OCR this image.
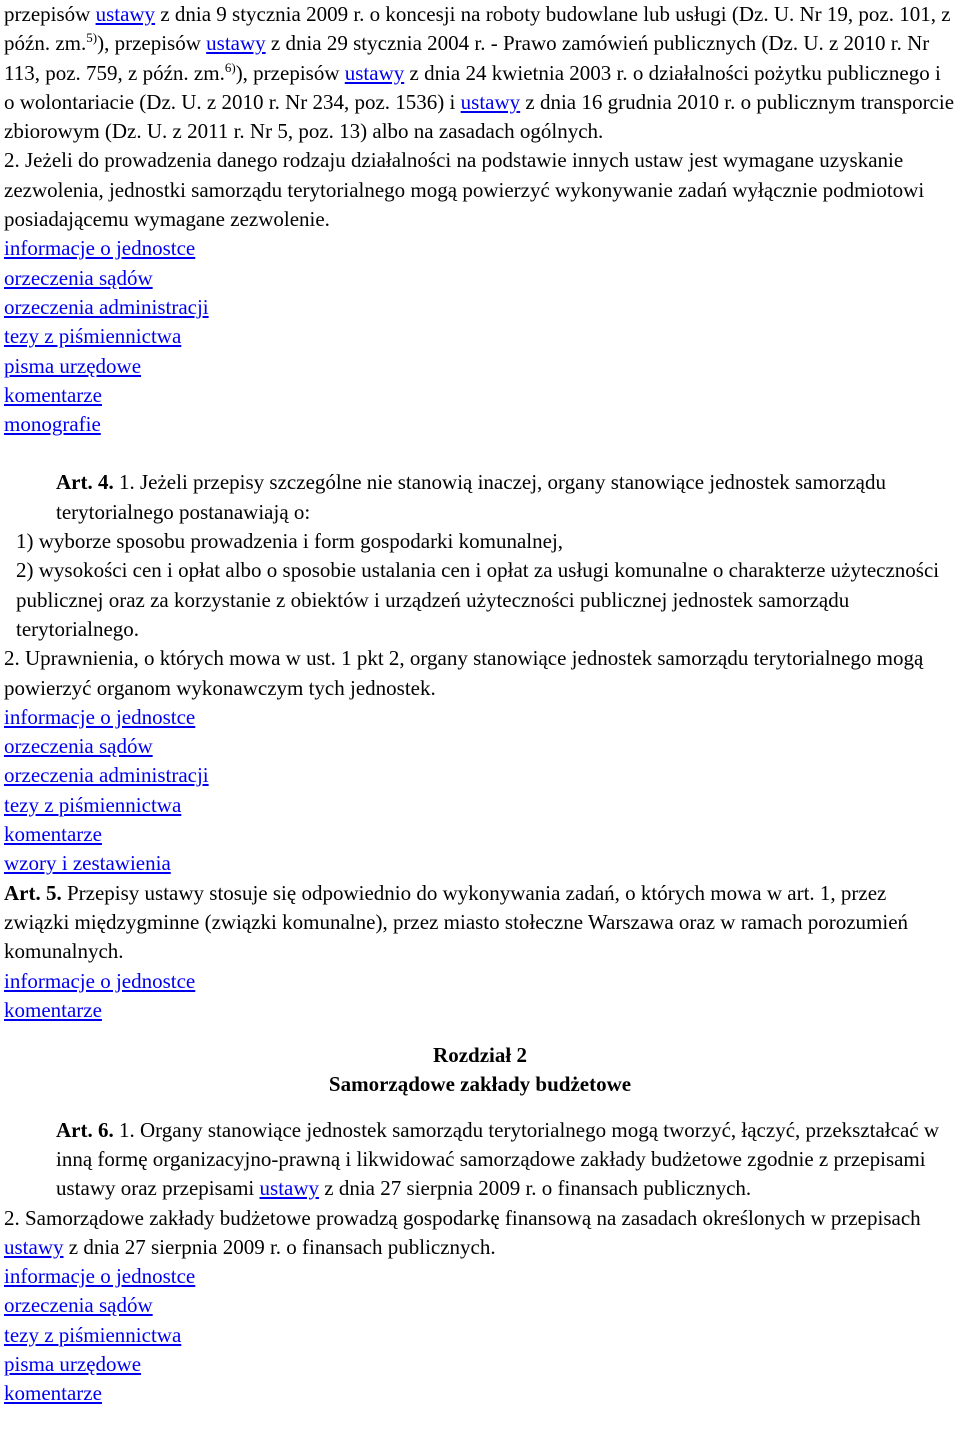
przepisów ustawy z dnia 9 stycznia 2009 r. o koncesji na roboty budowlane lub usługi (Dz. U. Nr 19, poz. 101, z późn. zm.$^{5)}$), przepisów ustawy z dnia 29 stycznia 2004 r. - Prawo zamówień publicznych (Dz. U. z 2010 r. Nr 113, poz. 759, z późn. zm.$^{6)}$), przepisów ustawy z dnia 24 kwietnia 2003 r. o działalności pożytku publicznego i o wolontariacie (Dz. U. z 2010 r. Nr 234, poz. 1536) i ustawy z dnia 16 grudnia 2010 r. o publicznym transporcie zbiorowym (Dz. U. z 2011 r. Nr 5, poz. 13) albo na zasadach ogólnych.

2. Jeżeli do prowadzenia danego rodzaju działalności na podstawie innych ustaw jest wymagane uzyskanie zezwolenia, jednostki samorządu terytorialnego mogą powierzyć wykonywanie zadań wyłącznie podmiotowi posiadającemu wymagane zezwolenie.

informacje o jednostce
orzeczenia sądów
orzeczenia administracji
tezy z piśmiennictwa
pisma urzędowe
komentarze
monografie

Art. 4. 1. Jeżeli przepisy szczególne nie stanowią inaczej, organy stanowiące jednostek samorządu terytorialnego postanawiają o:

1) wyborze sposobu prowadzenia i form gospodarki komunalnej,

2) wysokości cen i opłat albo o sposobie ustalania cen i opłat za usługi komunalne o charakterze użyteczności publicznej oraz za korzystanie z obiektów i urządzeń użyteczności publicznej jednostek samorządu terytorialnego.

2. Uprawnienia, o których mowa w ust. 1 pkt 2, organy stanowiące jednostek samorządu terytorialnego mogą powierzyć organom wykonawczym tych jednostek.

informacje o jednostce
orzeczenia sądów
orzeczenia administracji
tezy z piśmiennictwa
komentarze
wzory i zestawienia

Art. 5. Przepisy ustawy stosuje się odpowiednio do wykonywania zadań, o których mowa w art. 1, przez związki międzygminne (związki komunalne), przez miasto stołeczne Warszawa oraz w ramach porozumień komunalnych.

informacje o jednostce
komentarze

Rozdział 2

Samorządowe zakłady budżetowe

Art. 6. 1. Organy stanowiące jednostek samorządu terytorialnego mogą tworzyć, łączyć, przekształcać w inną formę organizacyjno-prawną i likwidować samorządowe zakłady budżetowe zgodnie z przepisami ustawy oraz przepisami ustawy z dnia 27 sierpnia 2009 r. o finansach publicznych.

2. Samorządowe zakłady budżetowe prowadzą gospodarkę finansową na zasadach określonych w przepisach ustawy z dnia 27 sierpnia 2009 r. o finansach publicznych.

informacje o jednostce
orzeczenia sądów
tezy z piśmiennictwa
pisma urzędowe
komentarze
